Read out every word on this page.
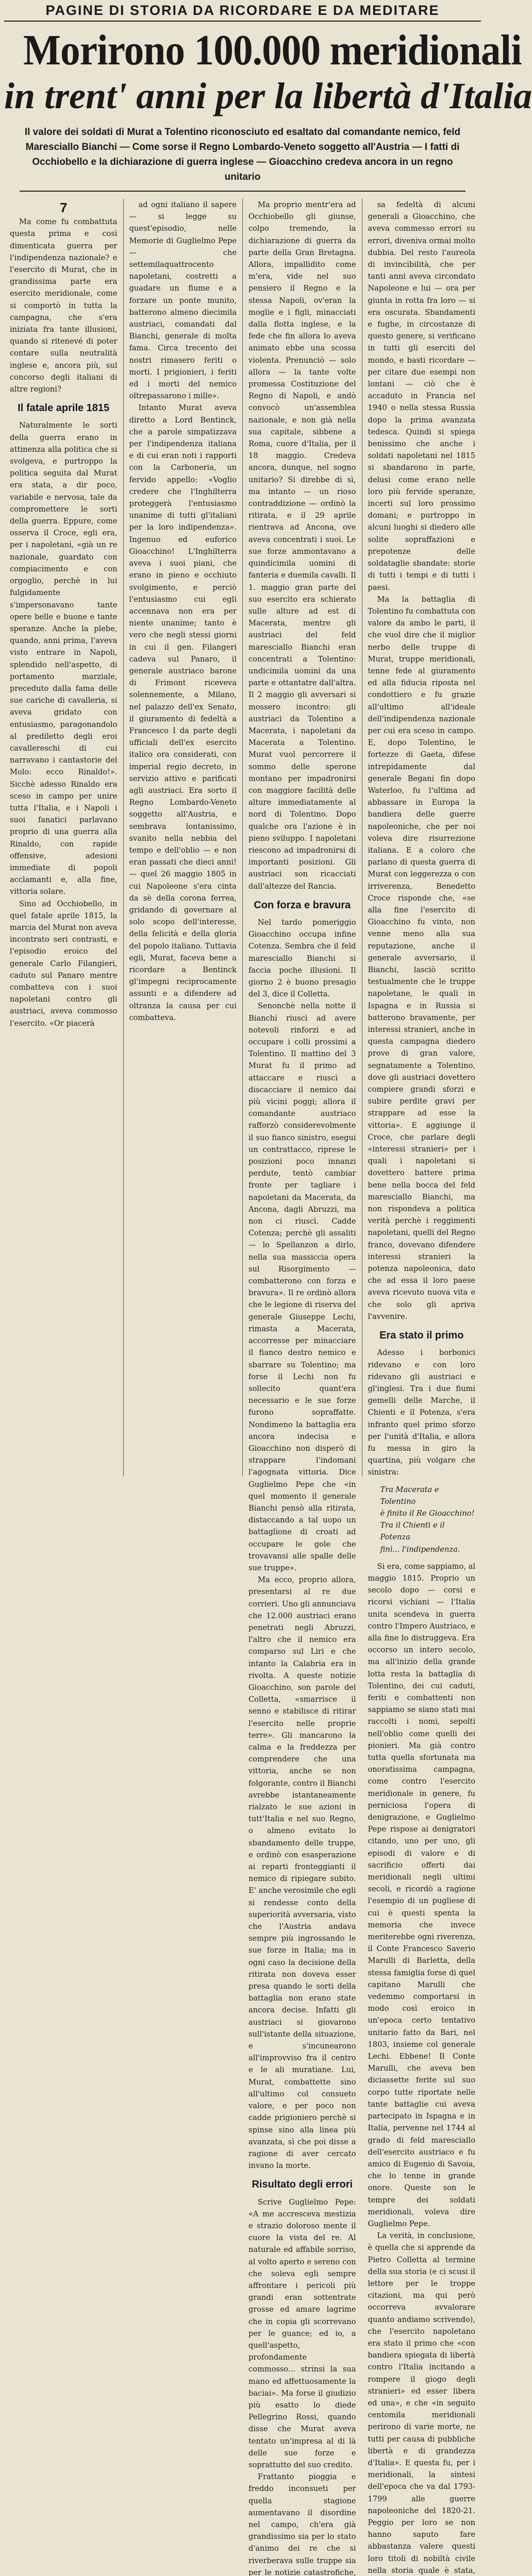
PAGINE DI STORIA DA RICORDARE E DA MEDITARE
Morirono 100.000 meridionali
in trent' anni per la libertà d'Italia
Il valore dei soldati di Murat a Tolentino riconosciuto ed esaltato dal comandante nemico, feld Maresciallo Bianchi — Come sorse il Regno Lombardo-Veneto soggetto all'Austria — I fatti di Occhiobello e la dichiarazione di guerra inglese — Gioacchino credeva ancora in un regno unitario
7

Ma come fu combattuta questa prima e così dimenticata guerra per l'indipendenza nazionale? e l'esercito di Murat, che in grandissima parte era esercito meridionale, come si comportò in tutta la campagna, che s'era iniziata fra tante illusioni, quando si ritenevé di poter contare sulla neutralità inglese e, ancora più, sul concorso degli italiani di altre regioni?

Il fatale aprile 1815

Naturalmente le sorti della guerra erano in attinenza alla politica che si svolgeva, e purtroppo la politica seguita dal Murat era stata, a dir poco, variabile e nervosa, tale da compromettere le sorti della guerra. Eppure, come osserva il Croce, egli era, per i napoletani, «già un re nazionale, guardato con compiacimento e con orgoglio, perchè in lui fulgidamente s'impersonavano tante opere belle e buone e tante speranze. Anche la plebe, quando, anni prima, l'aveva visto entrare in Napoli, splendido nell'aspetto, di portamento marziale, preceduto dalla fama delle sue cariche di cavalleria, si aveva gridato con entusiasmo, paragonandolo al prediletto degli eroi cavallereschi di cui narravano i cantastorie del Molo: ecco Rinaldo!». Sicchè adesso Rinaldo era sceso in campo per unire tutta l'Italia, e i Napoli i suoi fanatici parlavano proprio di una guerra alla Rinaldo, con rapide offensive, adesioni immediate di popoli acclamanti e, alla fine, vittoria solare.

Sino ad Occhiobello, in quel fatale aprile 1815, la marcia del Murat non aveva incontrato seri contrasti, e l'episodio eroico del generale Carlo Filangieri, caduto sul Panaro mentre combatteva con i suoi napoletani contro gli austriaci, aveva commosso l'esercito. «Or piacerà

ad ogni italiano il sapere — si legge su quest'episodio, nelle Memorie di Guglielmo Pepe — che settemilaquattrocento napoletani, costretti a guadare un fiume e a forzare un ponte munito, batterono almeno diecimila austriaci, comandati dal Bianchi, generale di molta fama. Circa trecento dei nostri rimasero feriti o morti. I prigionieri, i feriti ed i morti del nemico oltrepassarono i mille».

Intanto Murat aveva diretto a Lord Bentinck, che a parole simpatizzava per l'indipendenza italiana e di cui eran noti i rapporti con la Carboneria, un fervido appello: «Voglio credere che l'Inghilterra proteggerà l'entusiasmo unanime di tutti gl'italiani per la loro indipendenza». Ingenuo ed euforico Gioacchino! L'Inghilterra aveva i suoi piani, che erano in pieno e occhiuto svolgimento, e perciò l'entusiasmo cui egli accennava non era per niente unanime; tanto è vero che negli stessi giorni in cui il gen. Filangeri cadeva sul Panaro, il generale austriaco barone di Frimont riceveva solennemente, a Milano, nel palazzo dell'ex Senato, il giuramento di fedeltà a Francesco I da parte degli ufficiali dell'ex esercito italico ora considerati, con imperial regio decreto, in servizio attivo e parificati agli austriaci. Era sorto il Regno Lombardo-Veneto soggetto all'Austria, e sembrava lontanissimo, svanito nella nebbia del tempo e dell'oblio — e non eran passati che dieci anni! — quel 26 maggio 1805 in cui Napoleone s'era cinta da sè della corona ferrea, gridando di governare al solo scopo dell'interesse, della felicità e della gloria del popolo italiano. Tuttavia egli, Murat, faceva bene a ricordare a Bentinck gl'impegni reciprocamente assunti e a difendere ad oltranza la causa per cui combatteva.

Ma proprio mentr'era ad Occhiobello gli giunse, colpo tremendo, la dichiarazione di guerra da parte della Gran Bretagna. Allora, impallidito come m'era, vide nel suo pensiero il Regno e la stessa Napoli, ov'eran la moglie e i figli, minacciati dalla flotta inglese, e la fede che fin allora lo aveva animato ebbe una scossa violenta. Prenunciò — solo allora — la tante volte promessa Costituzione del Regno di Napoli, e andò convocò un'assemblea nazionale, e non già nella sua capitale, sibbene a Roma, cuore d'Italia, per il 18 maggio. Credeva ancora, dunque, nel sogno unitario? Si direbbe di sì, ma intanto — un rioso contraddizione — ordinò la ritirata, e il 29 aprile rientrava ad Ancona, ove aveva concentrati i suoi. Le sue forze ammontavano a quindicimila uomini di fanteria e duemila cavalli. Il 1. maggio gran parte del suo esercito era schierato sulle alture ad est di Macerata, mentre gli austriaci del feld maresciallo Bianchi eran concentrati a Tolentino: undicimila uomini da una parte e ottantatre dall'altra. Il 2 maggio gli avversari si mossero incontro: gli austriaci da Tolentino a Macerata, i napoletani da Macerata a Tolentino. Murat vuol percorrere il sommo delle sperone montano per impadronirsi con maggiore facilità delle alture immediatamente al nord di Tolentino. Dopo qualche ora l'azione è in pieno sviluppo. I napoletani riescono ad impadronirsi di importanti posizioni. Gli austriaci son ricacciati dall'altezze del Rancia.

Con forza e bravura

Nel tardo pomeriggio Gioacchino occupa infine Cotenza. Sembra che il feld maresciallo Bianchi si faccia poche illusioni. Il giorno 2 è buono presagio del 3, dice il Colletta.

Senonchè nella notte il Bianchi riuscì ad avere notevoli rinforzi e ad occupare i colli prossimi a Tolentino. Il mattino del 3 Murat fu il primo ad attaccare e riuscì a discacciare il nemico dai più vicini poggi; allora il comandante austriaco rafforzò considerevolmente il suo fianco sinistro, esegui un contrattacco, riprese le posizioni poco innanzi perdute, tentò cambiar fronte per tagliare i napoletani da Macerata, da Ancona, dagli Abruzzi, ma non ci riuscì. Cadde Cotenza; perchè gli assaliti — lo Spellanzon a dirlo, nella sua massiccia opera sul Risorgimento — combatterono con forza e bravura». Il re ordinò allora che le legione di riserva del generale Giuseppe Lechi, rimasta a Macerata, accorresse per minacciare il fianco destro nemico e sbarrare su Tolentino; ma forse il Lechi non fu sollecito quant'era necessario e le sue forze furono sopraffatte. Nondimeno la battaglia era ancora indecisa e Gioacchino non disperò di strappare l'indomani l'agognata vittoria. Dice Guglielmo Pepe che «in quel momento il generale Bianchi pensò alla ritirata, distaccando a tal uopo un battaglione di croati ad occupare le gole che trovavansi alle spalle delle sue truppe».

Ma ecco, proprio allora, presentarsi al re due corrieri. Uno gli annunciava che 12.000 austriaci erano penetrati negli Abruzzi, l'altro che il nemico era comparso sul Liri e che intanto la Calabria era in rivolta. A queste notizie Gioacchino, son parole del Colletta, «smarrisce il senno e stabilisce di ritirar l'esercito nelle proprie terre». Gli mancarono la calma e la freddezza per comprendere che una vittoria, anche se non folgorante, contro il Bianchi avrebbe istantaneamente rialzato le sue azioni in tutt'Italia e nel suo Regno, o almeno evitato lo sbandamento delle truppe, e ordinò con esasperazione ai reparti fronteggianti il nemico di ripiegare subito. E' anche verosimile che egli si rendesse conto della superiorità avversaria, visto che l'Austria andava sempre più ingrossando le sue forze in Italia; ma in ogni caso la decisione della ritirata non doveva esser presa quando le sorti della battaglia non erano state ancora decise. Infatti gli austriaci si giovarono sull'istante della situazione, e s'incunearono all'improvviso fra il centro e le ali muratiane. Lui, Murat, combattette sino all'ultimo col consueto valore, e per poco non cadde prigioniero perchè si spinse sino alla linea più avanzata, sì che poi disse a ragione di aver cercato invano la morte.

Risultato degli errori

Scrive Guglielmo Pepe: «A me accresceva mestizia e strazio doloroso mente il cuore la vista del re. Al naturale ed affabile sorriso, al volto aperto e sereno con che soleva egli sempre affrontare i pericoli più grandi eran sottentrate grosse ed amare lagrime che in copia gli scorrevano per le guance; ed io, a quell'aspetto, profondamente commosso... strinsi la sua mano ed affettuosamente la baciai». Ma forse il giudizio più esatto lo diede Pellegrino Rossi, quando disse che Murat aveva tentato un'impresa al di là delle sue forze e soprattutto del suo credito.

Frattanto pioggia e freddo inconsueti per quella stagione aumentavano il disordine nel campo, ch'era già grandissimo sia per lo stato d'animo dei re che si riverberava sulle truppe sia per le notizie catastrofiche,

sa fedeltà di alcuni generali a Gioacchino, che aveva commesso errori su errori, diveniva ormai molto dubbia. Del resto l'aureola di invincibilità, che per tanti anni aveva circondato Napoleone e lui — ora per giunta in rotta fra loro — si era oscurata. Sbandamenti e fughe, in circostanze di questo genere, si verificano in tutti gli eserciti del mondo, e basti ricordare — per citare due esempi non lontani — ciò che è accaduto in Francia nel 1940 o nella stessa Russia dopo la prima avanzata tedesca. Quindi si spiega benissimo che anche i soldati napoletani nel 1815 si sbandarono in parte, delusi come erano nelle loro più fervide speranze, incerti sul loro prossimo domani; e purtroppo in alcuni luoghi si diedero alle solite sopraffazioni e prepotenze delle soldataglie sbandate: storie di tutti i tempi e di tutti i paesi.

Ma la battaglia di Tolentino fu combattuta con valore da ambo le parti, il che vuol dire che il miglior nerbo delle truppe di Murat, truppe meridionali, tenne fede al giuramento ed alla fiducia riposta nel condottiero e fu grazie all'ultimo all'ideale dell'indipendenza nazionale per cui era sceso in campo. E, dopo Tolentino, le fortezze di Gaeta, difese intrepidamente dal generale Begani fin dopo Waterloo, fu l'ultima ad abbassare in Europa la bandiera delle guerre napoleoniche, che per noi voleva dire risurrezione italiana. E a coloro che parlano di questa guerra di Murat con leggerezza o con irriverenza, Benedetto Croce risponde che, «se alla fine l'esercito di Gioacchino fu vinto, non venne meno alla sua reputazione, anche il generale avversario, il Bianchi, lasciò scritto testualmente che le truppe napoletane, le quali in Ispagna e in Russia si batterono bravamente, per interessi stranieri, anche in questa campagna diedero prove di gran valore, segnatamente a Tolentino, dove gli austriaci dovettero compiere grandi sforzi e subire perdite gravi per strappare ad esse la vittoria». E aggiunge il Croce, che parlare degli «interessi stranieri» per i quali i napoletani si dovettero battere prima bene nella bocca del feld maresciallo Bianchi, ma non rispondeva a politica verità perchè i reggimenti napoletani, quelli del Regno franco, dovevano difendere interessi stranieri la potenza napoleonica, dato che ad essa il loro paese aveva ricevuto nuova vita e che solo gli apriva l'avvenire.

Era stato il primo

Adesso i borbonici ridevano e con loro ridevano gli austriaci e gl'inglesi. Tra i due fiumi gemelli delle Marche, il Chienti e il Potenza, s'era infranto quel primo sforzo per l'unità d'Italia, e allora fu messa in giro la quartina, più volgare che sinistra:

Tra Macerata e Tolentino

è finito il Re Gioacchino!

Tra il Chienti e il Potenza

finì... l'indipendenza.

Si era, come sappiamo, al maggio 1815. Proprio un secolo dopo — corsi e ricorsi vichiani — l'Italia unita scendeva in guerra contro l'Impero Austriaco, e alla fine lo distruggeva. Era occorso un intero secolo, ma all'inizio della grande lotta resta la battaglia di Tolentino, dei cui caduti, feriti e combattenti non sappiamo se siano stati mai raccolti i nomi, sepolti nell'oblio come quelli dei pionieri. Ma già contro tutta quella sfortunata ma onoratissima campagna, come contro l'esercito meridionale in genere, fu perniciosa l'opera di denigrazione, e Guglielmo Pepe rispose ai denigratori citando, uno per uno, gli episodi di valore e di sacrificio offerti dai meridionali negli ultimi secoli, e ricordò a ragione l'esempio di un pugliese di cui è questi spenta la memoria che invece meriterebbe ogni riverenza, il Conte Francesco Saverio Marulli di Barletta, della stessa famiglia forse di quel capitano Marulli che vedemmo comportarsi in modo così eroico in un'epoca certo tentativo unitario fatto da Bari, nel 1803, insieme col generale Lechi. Ebbene! Il Conte Marulli, che aveva ben diciassette ferite sul suo corpo tutte riportate nelle tante battaglie cui aveva partecipato in Ispagna e in Italia, pervenne nel 1744 al grado di feld maresciallo dell'esercito austriaco e fu amico di Eugenio di Savoia, che lo tenne in grande onore. Queste son le tempre dei soldati meridionali, voleva dire Guglielmo Pepe.

La verità, in conclusione, è quella che si apprende da Pietro Colletta al termine della sua storia (e ci scusi il lettore per le troppe citazioni, ma qui però occorreva avvalorare quanto andiamo scrivendo), che l'esercito napoletano era stato il primo che «con bandiera spiegata di libertà contro l'Italia incitando a rompere il giogo degli stranieri» ed esser libera ed una», e che «in seguito centomila meridionali perirono di varie morte, ne tutti per causa di pubbliche libertà e di grandezza d'Italia». E questa fu, per i meridionali, la sintesi dell'epoca che va dal 1793-1799 alle guerre napoleoniche del 1820-21. Peggio per loro se non hanno saputo fare abbastanza valere questi loro titoli di nobiltà civile nella storia quale è stata,
